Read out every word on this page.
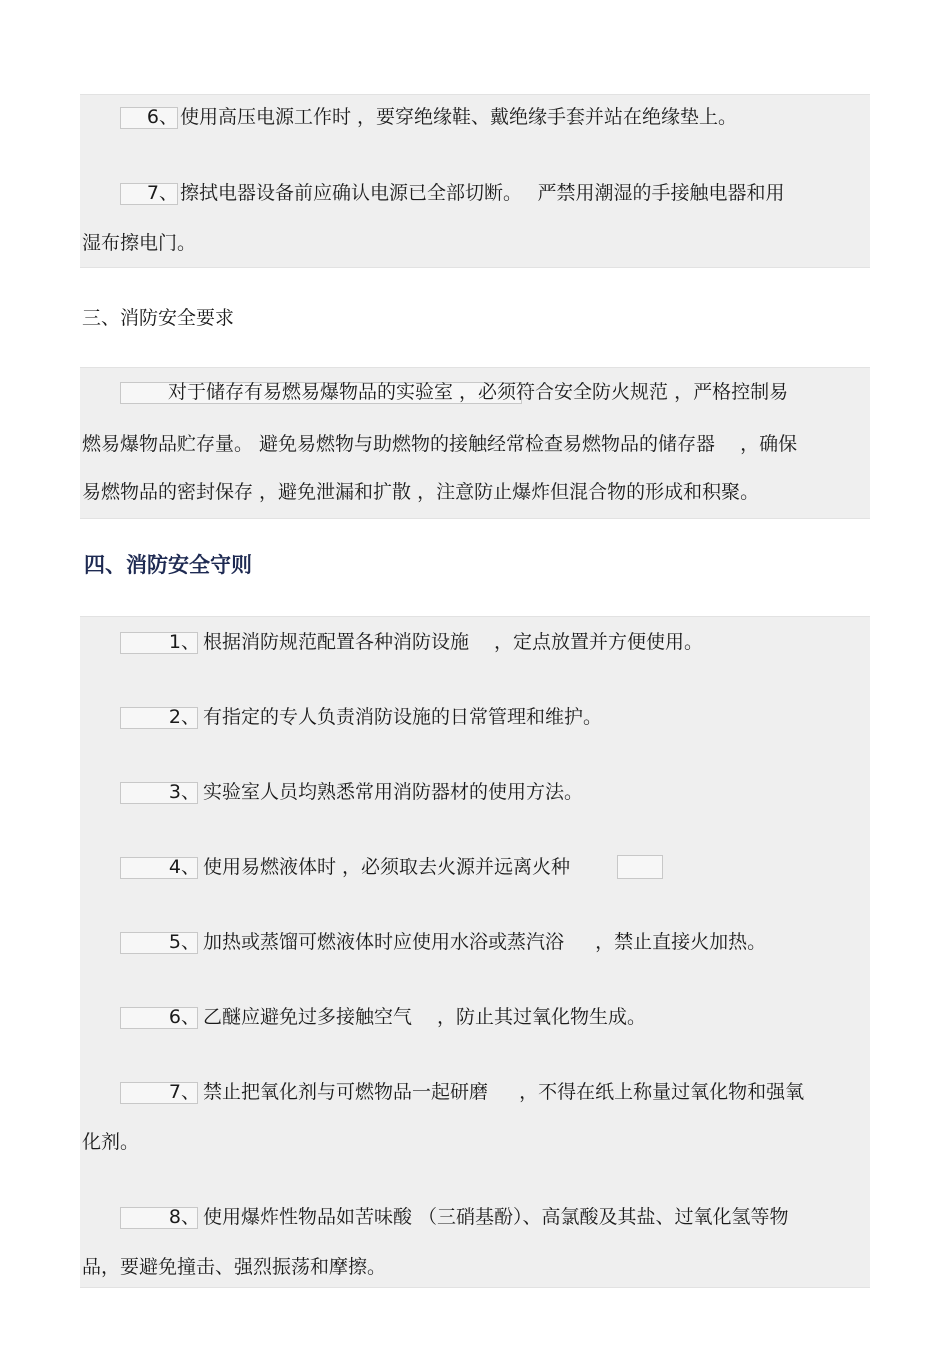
6、 使用高压电源工作时 ，要穿绝缘鞋、戴绝缘手套并站在绝缘垫上。
7、 擦拭电器设备前应确认电源已全部切断。　 严禁用潮湿的手接触电器和用
湿布擦电门。
三、消防安全要求
对于储存有易燃易爆物品的实验室 ，必须符合安全防火规范 ，严格控制易
燃易爆物品贮存量。 避免易燃物与助燃物的接触经常检查易燃物品的储存器 　，确保
易燃物品的密封保存 ，避免泄漏和扩散 ，注意防止爆炸但混合物的形成和积聚。
四、消防安全守则
1、 根据消防规范配置各种消防设施 　，定点放置并方便使用。
2、 有指定的专人负责消防设施的日常管理和维护。
3、 实验室人员均熟悉常用消防器材的使用方法。
4、 使用易燃液体时 ，必须取去火源并远离火种
5、 加热或蒸馏可燃液体时应使用水浴或蒸汽浴 　 ，禁止直接火加热。
6、 乙醚应避免过多接触空气 　，防止其过氧化物生成。
7、 禁止把氧化剂与可燃物品一起研磨 　 ，不得在纸上称量过氧化物和强氧
化剂。
8、 使用爆炸性物品如苦味酸 （三硝基酚）、高氯酸及其盐、过氧化氢等物
品，要避免撞击、强烈振荡和摩擦。
